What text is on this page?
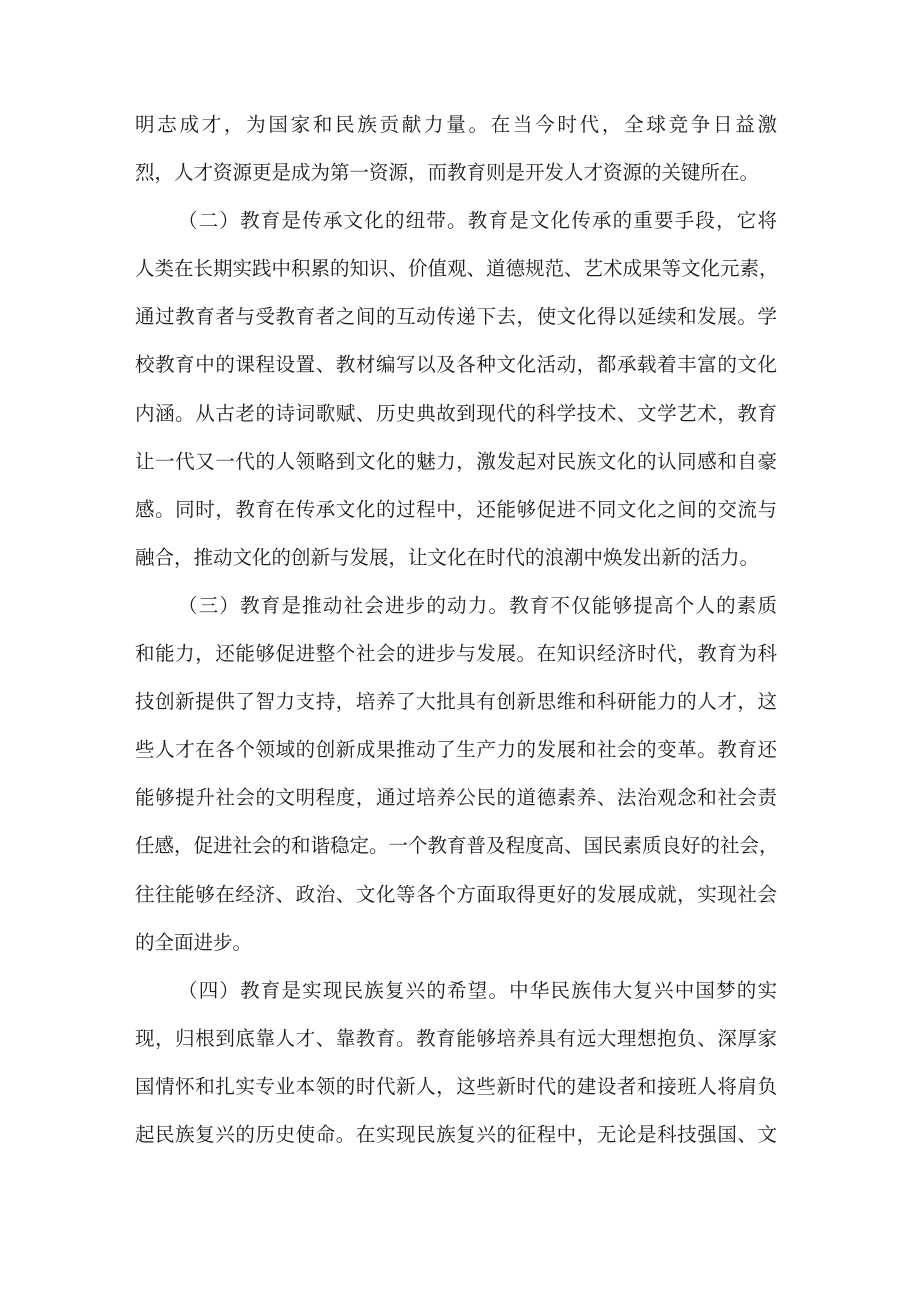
明志成才，为国家和民族贡献力量。在当今时代，全球竞争日益激
烈，人才资源更是成为第一资源，而教育则是开发人才资源的关键所在。
（二）教育是传承文化的纽带。教育是文化传承的重要手段，它将
人类在长期实践中积累的知识、价值观、道德规范、艺术成果等文化元素，
通过教育者与受教育者之间的互动传递下去，使文化得以延续和发展。学
校教育中的课程设置、教材编写以及各种文化活动，都承载着丰富的文化
内涵。从古老的诗词歌赋、历史典故到现代的科学技术、文学艺术，教育
让一代又一代的人领略到文化的魅力，激发起对民族文化的认同感和自豪
感。同时，教育在传承文化的过程中，还能够促进不同文化之间的交流与
融合，推动文化的创新与发展，让文化在时代的浪潮中焕发出新的活力。
（三）教育是推动社会进步的动力。教育不仅能够提高个人的素质
和能力，还能够促进整个社会的进步与发展。在知识经济时代，教育为科
技创新提供了智力支持，培养了大批具有创新思维和科研能力的人才，这
些人才在各个领域的创新成果推动了生产力的发展和社会的变革。教育还
能够提升社会的文明程度，通过培养公民的道德素养、法治观念和社会责
任感，促进社会的和谐稳定。一个教育普及程度高、国民素质良好的社会，
往往能够在经济、政治、文化等各个方面取得更好的发展成就，实现社会
的全面进步。
（四）教育是实现民族复兴的希望。中华民族伟大复兴中国梦的实
现，归根到底靠人才、靠教育。教育能够培养具有远大理想抱负、深厚家
国情怀和扎实专业本领的时代新人，这些新时代的建设者和接班人将肩负
起民族复兴的历史使命。在实现民族复兴的征程中，无论是科技强国、文
